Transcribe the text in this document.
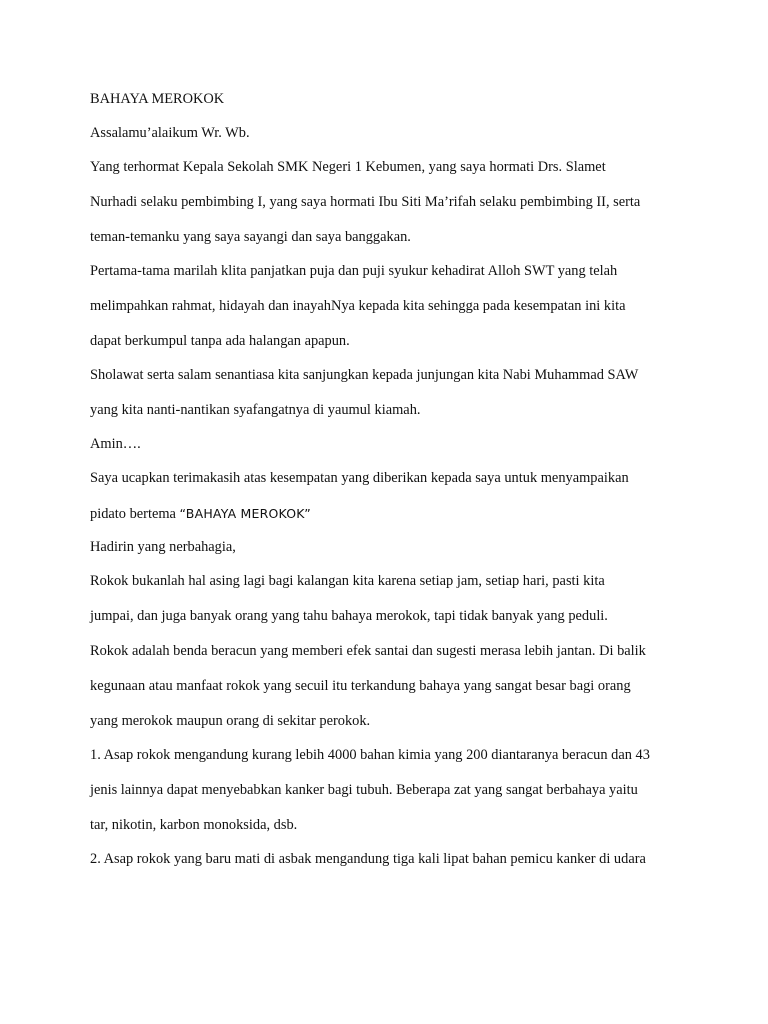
BAHAYA MEROKOK
Assalamu’alaikum Wr. Wb.
Yang terhormat Kepala Sekolah SMK Negeri 1 Kebumen, yang saya hormati Drs. Slamet
Nurhadi selaku pembimbing I, yang saya hormati Ibu Siti Ma’rifah selaku pembimbing II, serta
teman-temanku yang saya sayangi dan saya banggakan.
Pertama-tama marilah klita panjatkan puja dan puji syukur kehadirat Alloh SWT yang telah
melimpahkan rahmat, hidayah dan inayahNya kepada kita sehingga pada kesempatan ini kita
dapat berkumpul tanpa ada halangan apapun.
Sholawat serta salam senantiasa kita sanjungkan kepada junjungan kita Nabi Muhammad SAW
yang kita nanti-nantikan syafangatnya di yaumul kiamah.
Amin….
Saya ucapkan terimakasih atas kesempatan yang diberikan kepada saya untuk menyampaikan
pidato bertema “BAHAYA MEROKOK”
Hadirin yang nerbahagia,
Rokok bukanlah hal asing lagi bagi kalangan kita karena setiap jam, setiap hari, pasti kita
jumpai, dan juga banyak orang yang tahu bahaya merokok, tapi tidak banyak yang peduli.
Rokok adalah benda beracun yang memberi efek santai dan sugesti merasa lebih jantan. Di balik
kegunaan atau manfaat rokok yang secuil itu terkandung bahaya yang sangat besar bagi orang
yang merokok maupun orang di sekitar perokok.
1. Asap rokok mengandung kurang lebih 4000 bahan kimia yang 200 diantaranya beracun dan 43
jenis lainnya dapat menyebabkan kanker bagi tubuh. Beberapa zat yang sangat berbahaya yaitu
tar, nikotin, karbon monoksida, dsb.
2. Asap rokok yang baru mati di asbak mengandung tiga kali lipat bahan pemicu kanker di udara
